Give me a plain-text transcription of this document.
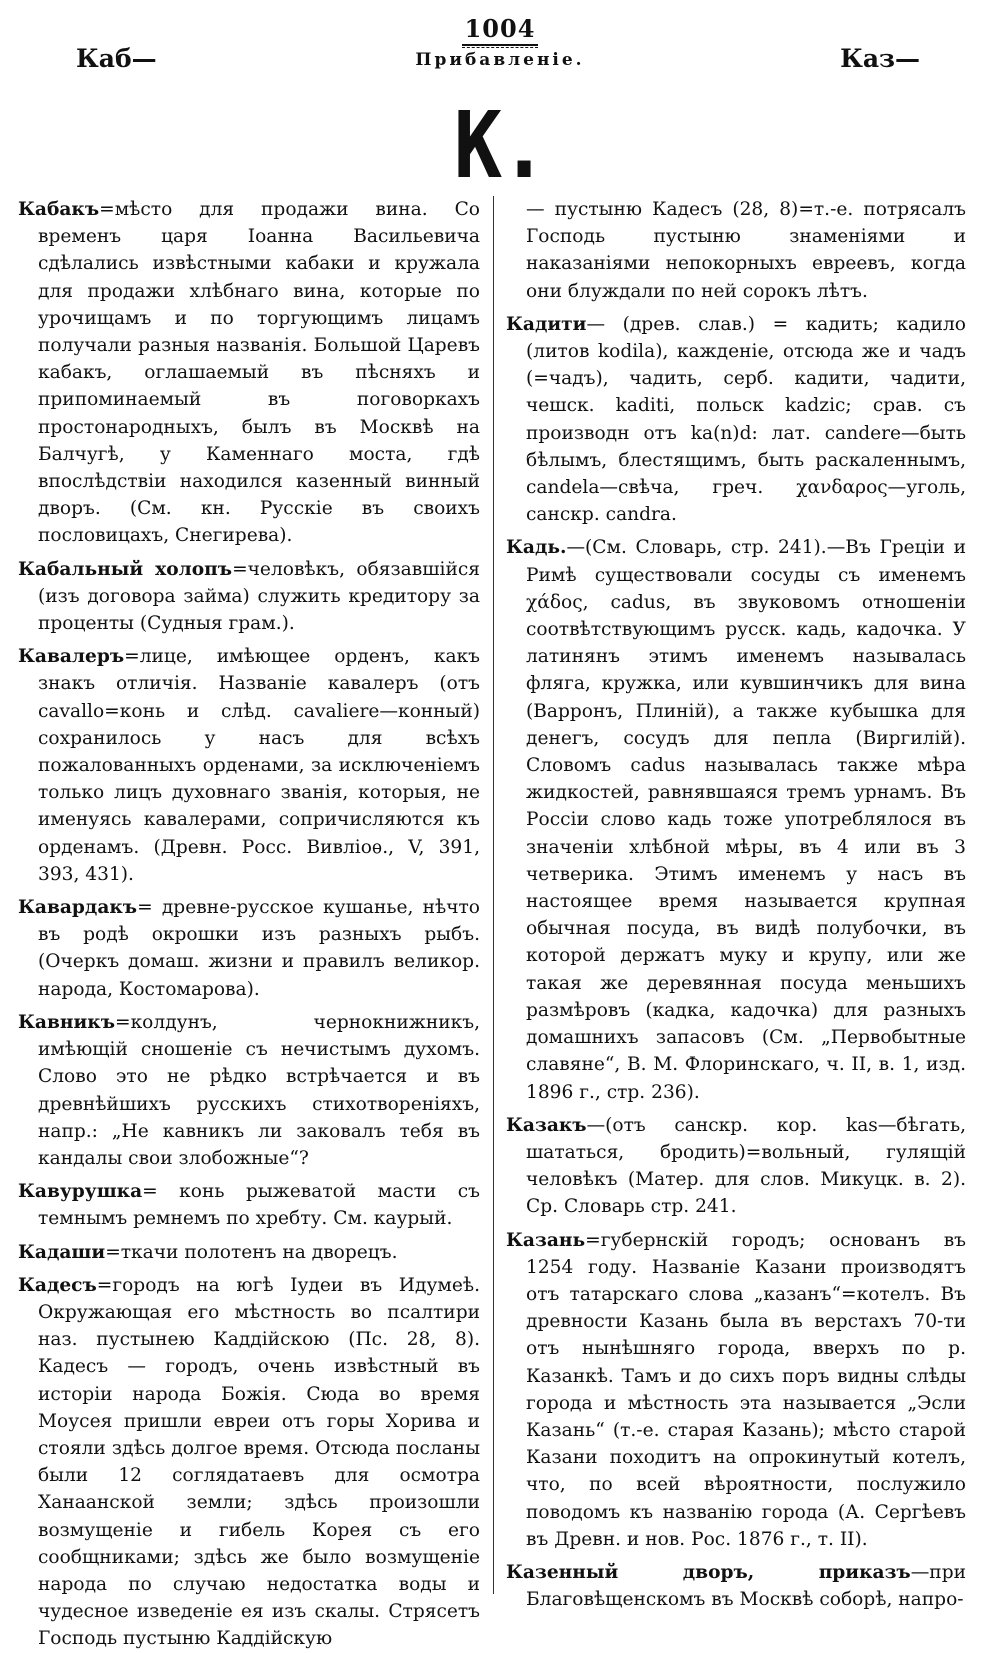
1004
Каб—	Прибавленіе.	Каз—
К.

Кабакъ=мѣсто для продажи вина. Со временъ царя Іоанна Васильевича сдѣлались извѣстными кабаки и кружала для продажи хлѣбнаго вина, которые по урочищамъ и по торгующимъ лицамъ получали разныя названія. Большой Царевъ кабакъ, оглашаемый въ пѣсняхъ и припоминаемый въ поговоркахъ простонародныхъ, былъ въ Москвѣ на Балчугѣ, у Каменнаго моста, гдѣ впослѣдствіи находился казенный винный дворъ. (См. кн. Русскіе въ своихъ пословицахъ, Снегирева).

Кабальный холопъ=человѣкъ, обязавшійся (изъ договора займа) служить кредитору за проценты (Судныя грам.).

Кавалеръ=лице, имѣющее орденъ, какъ знакъ отличія. Названіе кавалеръ (отъ cavallo=конь и слѣд. cavaliere—конный) сохранилось у насъ для всѣхъ пожалованныхъ орденами, за исключеніемъ только лицъ духовнаго званія, которыя, не именуясь кавалерами, сопричисляются къ орденамъ. (Древн. Росс. Вивліоѳ., V, 391, 393, 431).

Кавардакъ= древне-русское кушанье, нѣчто въ родѣ окрошки изъ разныхъ рыбъ. (Очеркъ домаш. жизни и правилъ великор. народа, Костомарова).

Кавникъ=колдунъ, чернокнижникъ, имѣющій сношеніе съ нечистымъ духомъ. Слово это не рѣдко встрѣчается и въ древнѣйшихъ русскихъ стихотвореніяхъ, напр.: „Не кавникъ ли заковалъ тебя въ кандалы свои злобожные“?

Кавурушка= конь рыжеватой масти съ темнымъ ремнемъ по хребту. См. каурый.

Кадаши=ткачи полотенъ на дворецъ.

Кадесъ=городъ на югѣ Іудеи въ Идумеѣ. Окружающая его мѣстность во псалтири наз. пустынею Каддійскою (Пс. 28, 8). Кадесъ — городъ, очень извѣстный въ исторіи народа Божія. Сюда во время Моусея пришли евреи отъ горы Хорива и стояли здѣсь долгое время. Отсюда посланы были 12 соглядатаевъ для осмотра Ханаанской земли; здѣсь произошли возмущеніе и гибель Корея съ его сообщниками; здѣсь же было возмущеніе народа по случаю недостатка воды и чудесное изведеніе ея изъ скалы. Стрясетъ Господь пустыню Каддійскую

— пустыню Кадесъ (28, 8)=т.-е. потрясалъ Господь пустыню знаменіями и наказаніями непокорныхъ евреевъ, когда они блуждали по ней сорокъ лѣтъ.

Кадити— (древ. слав.) = кадить; кадило (литов kodila), кажденіе, отсюда же и чадъ (=чадъ), чадить, серб. кадити, чадити, чешск. kaditi, польск kadzic; срав. съ производн отъ ka(n)d: лат. candere—быть бѣлымъ, блестящимъ, быть раскаленнымъ, candela—свѣча, греч. χανδαρος—уголь, санскр. candra.

Кадь.—(См. Словарь, стр. 241).—Въ Греціи и Римѣ существовали сосуды съ именемъ χάδος, cadus, въ звуковомъ отношеніи соотвѣтствующимъ русск. кадь, кадочка. У латинянъ этимъ именемъ называлась фляга, кружка, или кувшинчикъ для вина (Варронъ, Плиній), а также кубышка для денегъ, сосудъ для пепла (Виргилій). Словомъ cadus называлась также мѣра жидкостей, равнявшаяся тремъ урнамъ. Въ Россіи слово кадь тоже употреблялося въ значеніи хлѣбной мѣры, въ 4 или въ 3 четверика. Этимъ именемъ у насъ въ настоящее время называется крупная обычная посуда, въ видѣ полубочки, въ которой держатъ муку и крупу, или же такая же деревянная посуда меньшихъ размѣровъ (кадка, кадочка) для разныхъ домашнихъ запасовъ (См. „Первобытные славяне“, В. М. Флоринскаго, ч. II, в. 1, изд. 1896 г., стр. 236).

Казакъ—(отъ санскр. кор. kas—бѣгать, шататься, бродить)=вольный, гулящій человѣкъ (Матер. для слов. Микуцк. в. 2). Ср. Словарь стр. 241.

Казань=губернскій городъ; основанъ въ 1254 году. Названіе Казани производятъ отъ татарскаго слова „казанъ“=котелъ. Въ древности Казань была въ верстахъ 70-ти отъ нынѣшняго города, вверхъ по р. Казанкѣ. Тамъ и до сихъ поръ видны слѣды города и мѣстность эта называется „Эсли Казань“ (т.-е. старая Казань); мѣсто старой Казани походитъ на опрокинутый котелъ, что, по всей вѣроятности, послужило поводомъ къ названію города (А. Сергѣевъ въ Древн. и нов. Рос. 1876 г., т. II).

Казенный дворъ, приказъ—при Благовѣщенскомъ въ Москвѣ соборѣ, напро-
